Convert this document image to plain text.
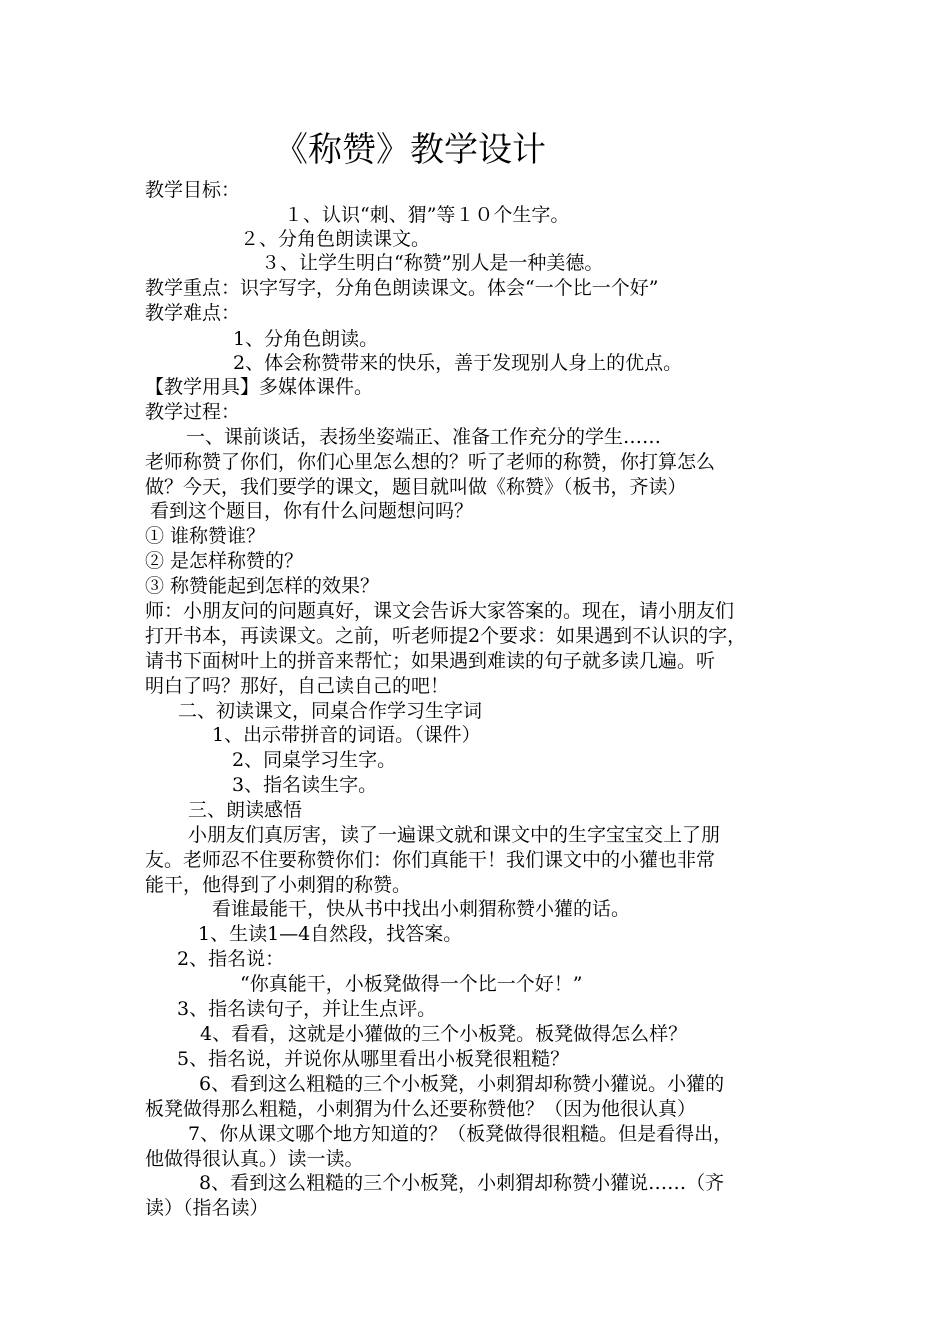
《称赞》教学设计
教学目标：
１、认识“刺、猬”等１０个生字。
２、分角色朗读课文。
３、让学生明白“称赞”别人是一种美德。
教学重点：识字写字，分角色朗读课文。体会“一个比一个好”
教学难点：
1、分角色朗读。
2、体会称赞带来的快乐，善于发现别人身上的优点。
【教学用具】多媒体课件。
教学过程：
一、课前谈话，表扬坐姿端正、准备工作充分的学生……
老师称赞了你们，你们心里怎么想的？听了老师的称赞，你打算怎么
做？今天，我们要学的课文，题目就叫做《称赞》（板书，齐读）
看到这个题目，你有什么问题想问吗？
① 谁称赞谁？
② 是怎样称赞的？
③ 称赞能起到怎样的效果？
师：小朋友问的问题真好，课文会告诉大家答案的。现在，请小朋友们
打开书本，再读课文。之前，听老师提2个要求：如果遇到不认识的字，
请书下面树叶上的拼音来帮忙；如果遇到难读的句子就多读几遍。听
明白了吗？那好，自己读自己的吧！
二、初读课文，同桌合作学习生字词
1、出示带拼音的词语。（课件）
2、同桌学习生字。
3、指名读生字。
三、朗读感悟
小朋友们真厉害，读了一遍课文就和课文中的生字宝宝交上了朋
友。老师忍不住要称赞你们：你们真能干！我们课文中的小獾也非常
能干，他得到了小刺猬的称赞。
看谁最能干，快从书中找出小刺猬称赞小獾的话。
1、生读1—4自然段，找答案。
2、指名说：
“你真能干，小板凳做得一个比一个好！”
3、指名读句子，并让生点评。
4、看看，这就是小獾做的三个小板凳。板凳做得怎么样？
5、指名说，并说你从哪里看出小板凳很粗糙？
6、看到这么粗糙的三个小板凳，小刺猬却称赞小獾说。小獾的
板凳做得那么粗糙，小刺猬为什么还要称赞他？（因为他很认真）
7、你从课文哪个地方知道的？（板凳做得很粗糙。但是看得出，
他做得很认真。）读一读。
8、看到这么粗糙的三个小板凳，小刺猬却称赞小獾说……（齐
读）（指名读）
